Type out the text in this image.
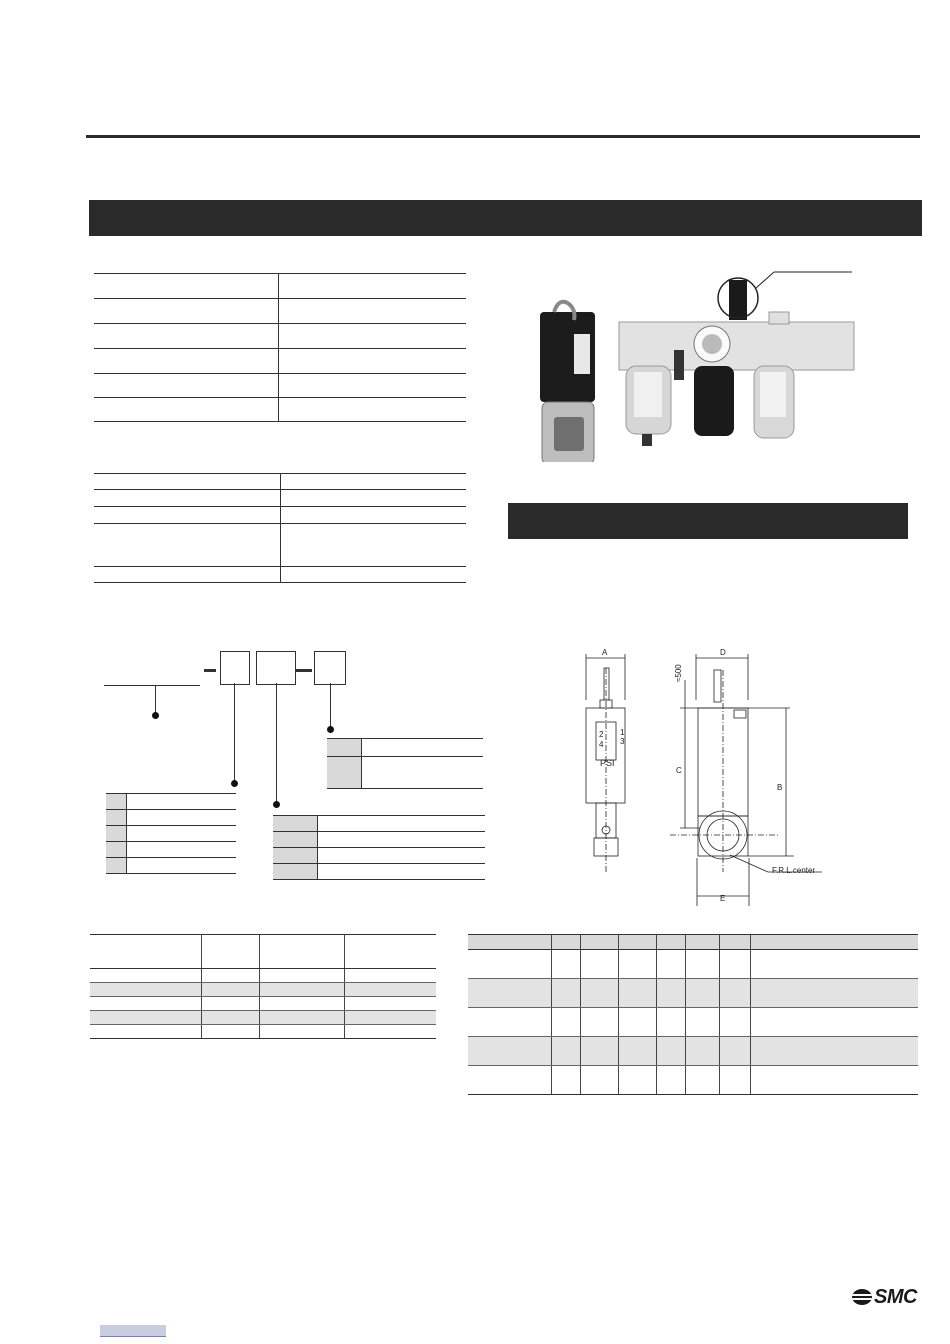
A
B
C
D
E
≈500
PSI
F.R.L.center
2
4
1
3

SMC
